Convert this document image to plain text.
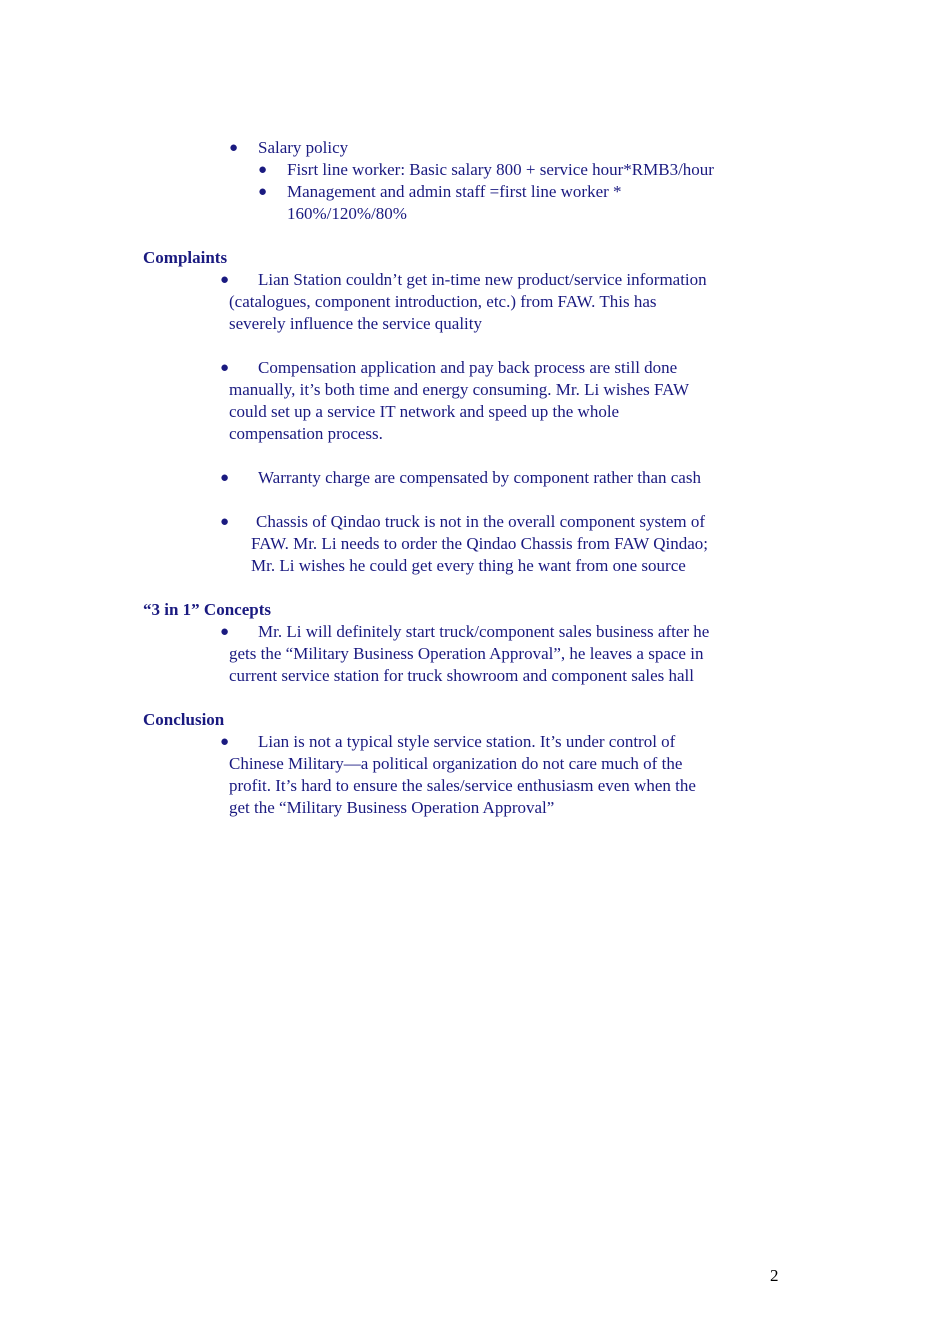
● Salary policy
● Fisrt line worker: Basic salary 800 + service hour*RMB3/hour
● Management and admin staff =first line worker *
160%/120%/80%
Complaints
● Lian Station couldn’t get in-time new product/service information
(catalogues, component introduction, etc.) from FAW. This has
severely influence the service quality
● Compensation application and pay back process are still done
manually, it’s both time and energy consuming. Mr. Li wishes FAW
could set up a service IT network and speed up the whole
compensation process.
● Warranty charge are compensated by component rather than cash
● Chassis of Qindao truck is not in the overall component system of
FAW. Mr. Li needs to order the Qindao Chassis from FAW Qindao;
Mr. Li wishes he could get every thing he want from one source
“3 in 1” Concepts
● Mr. Li will definitely start truck/component sales business after he
gets the “Military Business Operation Approval”, he leaves a space in
current service station for truck showroom and component sales hall
Conclusion
● Lian is not a typical style service station. It’s under control of
Chinese Military—a political organization do not care much of the
profit. It’s hard to ensure the sales/service enthusiasm even when the
get the “Military Business Operation Approval”
2
